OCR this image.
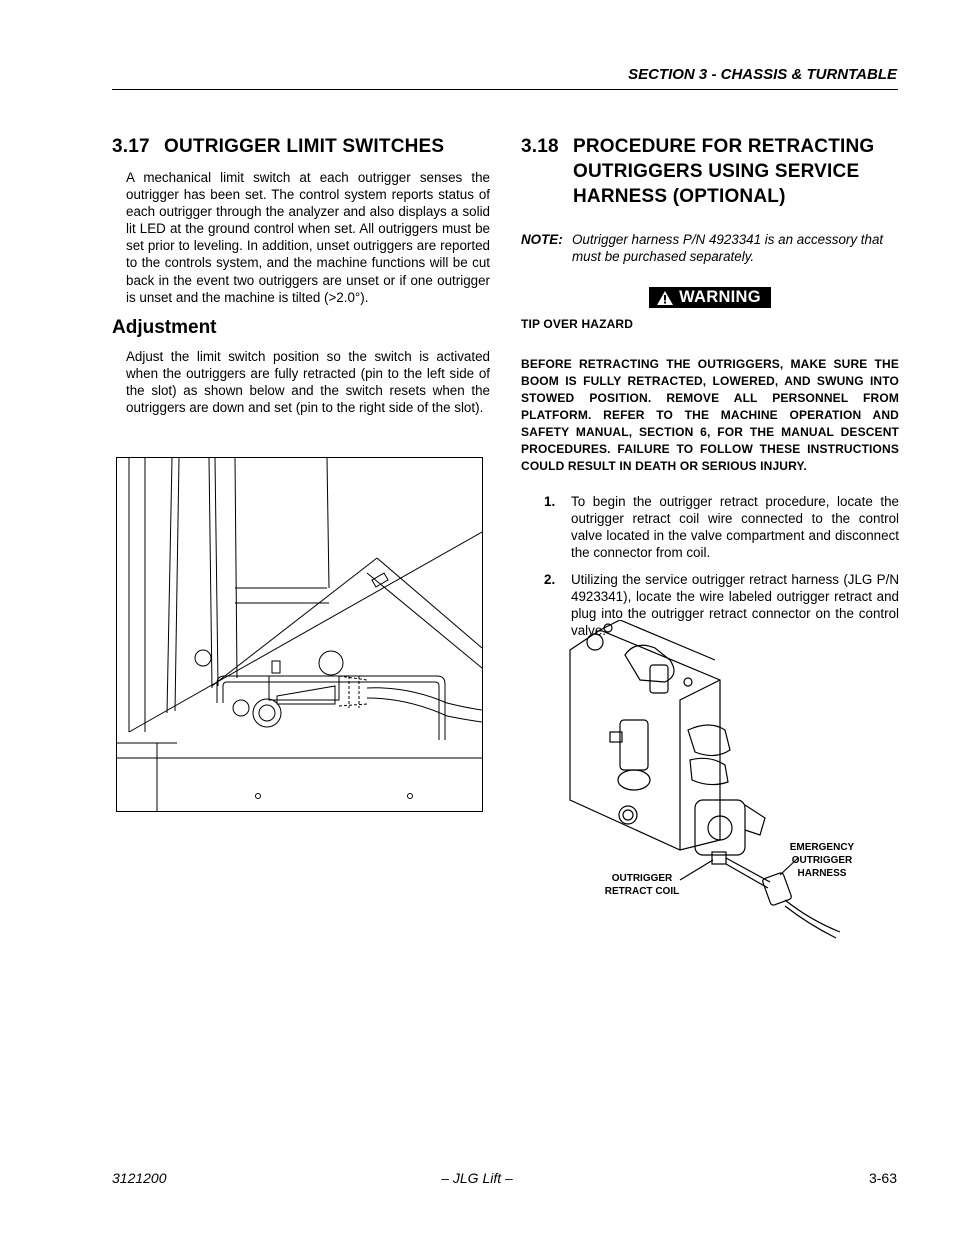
SECTION 3 - CHASSIS & TURNTABLE
3.17 OUTRIGGER LIMIT SWITCHES

A mechanical limit switch at each outrigger senses the outrigger has been set. The control system reports status of each outrigger through the analyzer and also displays a solid lit LED at the ground control when set. All outriggers must be set prior to leveling. In addition, unset outriggers are reported to the controls system, and the machine functions will be cut back in the event two outriggers are unset or if one outrigger is unset and the machine is tilted (>2.0°).

Adjustment

Adjust the limit switch position so the switch is activated when the outriggers are fully retracted (pin to the left side of the slot) as shown below and the switch resets when the outriggers are down and set (pin to the right side of the slot).

3.18 PROCEDURE FOR RETRACTING OUTRIGGERS USING SERVICE HARNESS (OPTIONAL)
NOTE: Outrigger harness P/N 4923341 is an accessory that must be purchased separately.
WARNING
TIP OVER HAZARD
BEFORE RETRACTING THE OUTRIGGERS, MAKE SURE THE BOOM IS FULLY RETRACTED, LOWERED, AND SWUNG INTO STOWED POSITION. REMOVE ALL PERSONNEL FROM PLATFORM. REFER TO THE MACHINE OPERATION AND SAFETY MANUAL, SECTION 6, FOR THE MANUAL DESCENT PROCEDURES. FAILURE TO FOLLOW THESE INSTRUCTIONS COULD RESULT IN DEATH OR SERIOUS INJURY.
1.	To begin the outrigger retract procedure, locate the outrigger retract coil wire connected to the control valve located in the valve compartment and disconnect the connector from coil.
2.	Utilizing the service outrigger retract harness (JLG P/N 4923341), locate the wire labeled outrigger retract and plug into the outrigger retract connector on the control valve.
OUTRIGGER RETRACT COIL
EMERGENCY OUTRIGGER HARNESS
3121200	– JLG Lift –	3-63
